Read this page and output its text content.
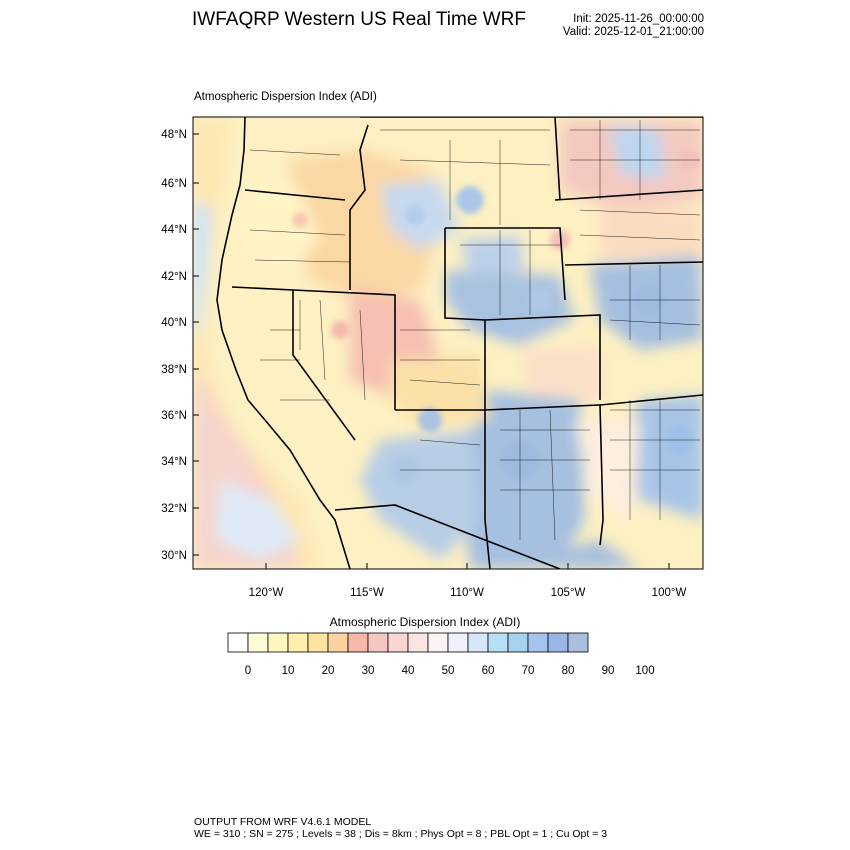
IWFAQRP Western US Real Time WRF	Init: 2025-11-26_00:00:00
Valid: 2025-12-01_21:00:00
Atmospheric Dispersion Index (ADI)
48°N
46°N
44°N
42°N
40°N
38°N
36°N
34°N
32°N
30°N
120°W	115°W	110°W	105°W	100°W
0	10 20 30 40 50 60 70 80 90 100
Atmospheric Dispersion Index (ADI)
OUTPUT FROM WRF V4.6.1 MODEL
WE = 310 ; SN = 275 ; Levels = 38 ; Dis = 8km ; Phys Opt = 8 ; PBL Opt = 1 ; Cu Opt = 3
